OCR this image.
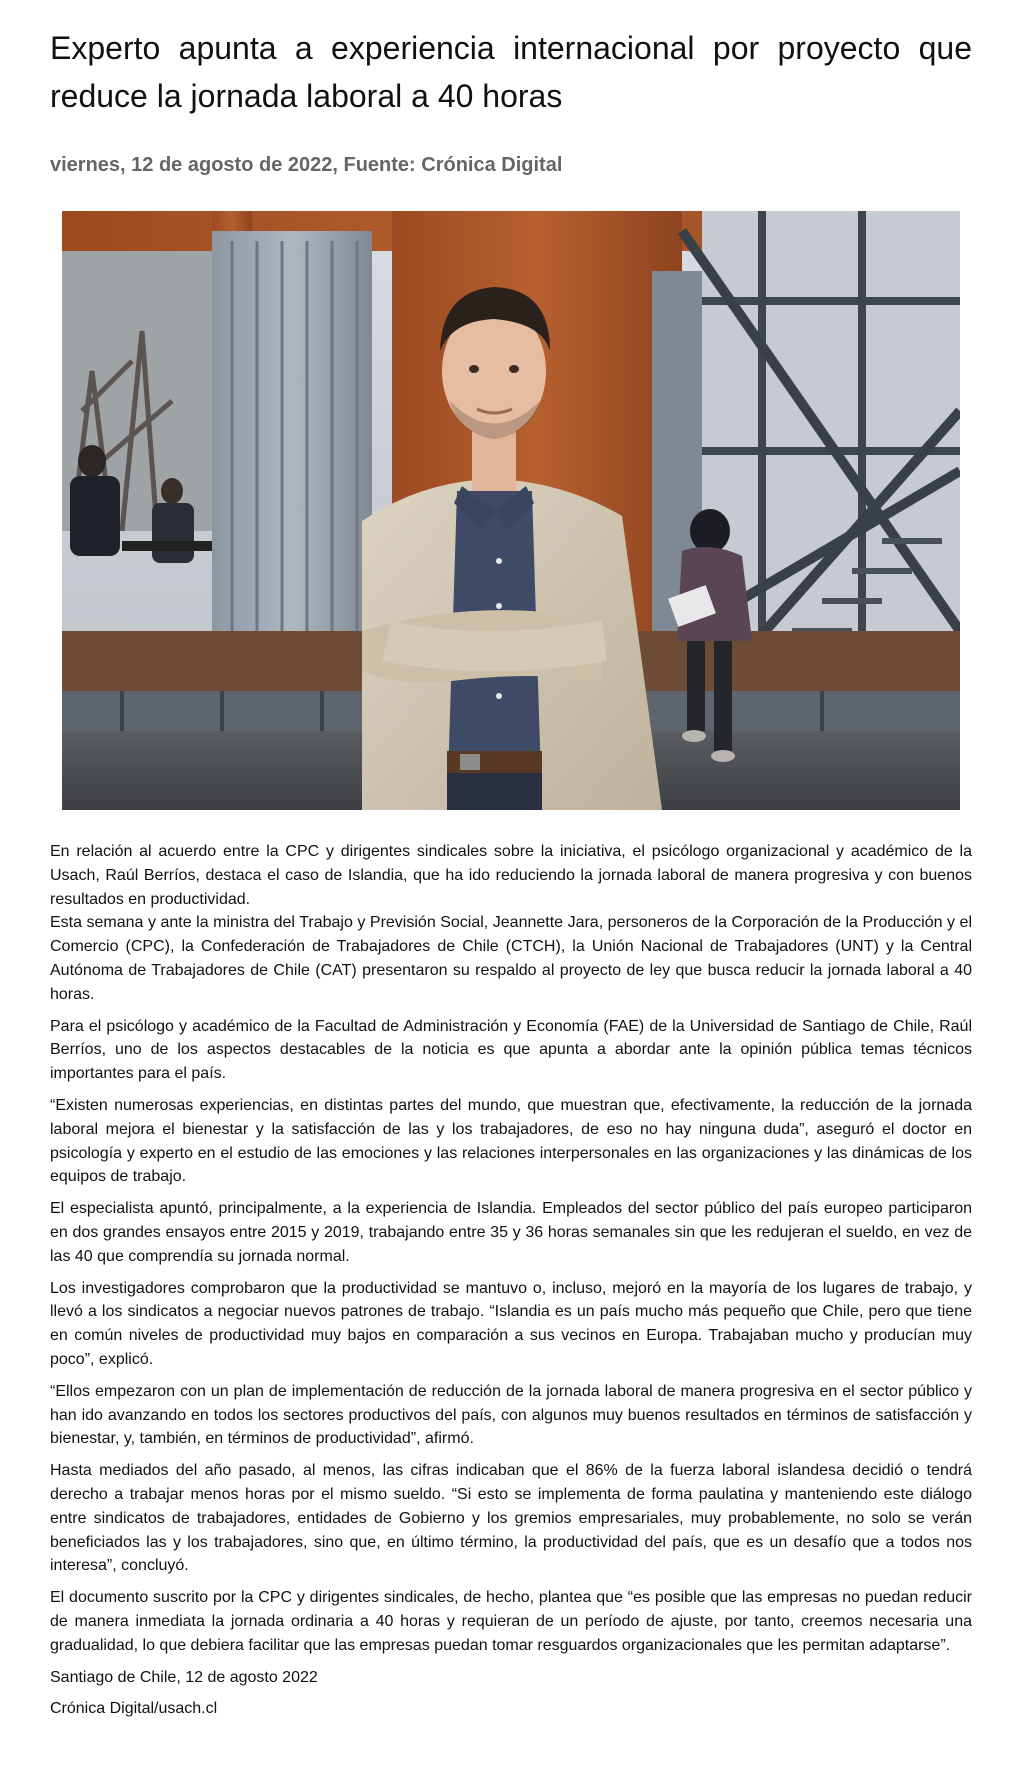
Experto apunta a experiencia internacional por proyecto que reduce la jornada laboral a 40 horas

viernes, 12 de agosto de 2022, Fuente: Crónica Digital

En relación al acuerdo entre la CPC y dirigentes sindicales sobre la iniciativa, el psicólogo organizacional y académico de la Usach, Raúl Berríos, destaca el caso de Islandia, que ha ido reduciendo la jornada laboral de manera progresiva y con buenos resultados en productividad.

Esta semana y ante la ministra del Trabajo y Previsión Social, Jeannette Jara, personeros de la Corporación de la Producción y el Comercio (CPC), la Confederación de Trabajadores de Chile (CTCH), la Unión Nacional de Trabajadores (UNT) y la Central Autónoma de Trabajadores de Chile (CAT) presentaron su respaldo al proyecto de ley que busca reducir la jornada laboral a 40 horas.

Para el psicólogo y académico de la Facultad de Administración y Economía (FAE) de la Universidad de Santiago de Chile, Raúl Berríos, uno de los aspectos destacables de la noticia es que apunta a abordar ante la opinión pública temas técnicos importantes para el país.

“Existen numerosas experiencias, en distintas partes del mundo, que muestran que, efectivamente, la reducción de la jornada laboral mejora el bienestar y la satisfacción de las y los trabajadores, de eso no hay ninguna duda”, aseguró el doctor en psicología y experto en el estudio de las emociones y las relaciones interpersonales en las organizaciones y las dinámicas de los equipos de trabajo.

El especialista apuntó, principalmente, a la experiencia de Islandia. Empleados del sector público del país europeo participaron en dos grandes ensayos entre 2015 y 2019, trabajando entre 35 y 36 horas semanales sin que les redujeran el sueldo, en vez de las 40 que comprendía su jornada normal.

Los investigadores comprobaron que la productividad se mantuvo o, incluso, mejoró en la mayoría de los lugares de trabajo, y llevó a los sindicatos a negociar nuevos patrones de trabajo. “Islandia es un país mucho más pequeño que Chile, pero que tiene en común niveles de productividad muy bajos en comparación a sus vecinos en Europa. Trabajaban mucho y producían muy poco”, explicó.

“Ellos empezaron con un plan de implementación de reducción de la jornada laboral de manera progresiva en el sector público y han ido avanzando en todos los sectores productivos del país, con algunos muy buenos resultados en términos de satisfacción y bienestar, y, también, en términos de productividad”, afirmó.

Hasta mediados del año pasado, al menos, las cifras indicaban que el 86% de la fuerza laboral islandesa decidió o tendrá derecho a trabajar menos horas por el mismo sueldo. “Si esto se implementa de forma paulatina y manteniendo este diálogo entre sindicatos de trabajadores, entidades de Gobierno y los gremios empresariales, muy probablemente, no solo se verán beneficiados las y los trabajadores, sino que, en último término, la productividad del país, que es un desafío que a todos nos interesa”, concluyó.

El documento suscrito por la CPC y dirigentes sindicales, de hecho, plantea que “es posible que las empresas no puedan reducir de manera inmediata la jornada ordinaria a 40 horas y requieran de un período de ajuste, por tanto, creemos necesaria una gradualidad, lo que debiera facilitar que las empresas puedan tomar resguardos organizacionales que les permitan adaptarse”.

Santiago de Chile, 12 de agosto 2022

Crónica Digital/usach.cl
